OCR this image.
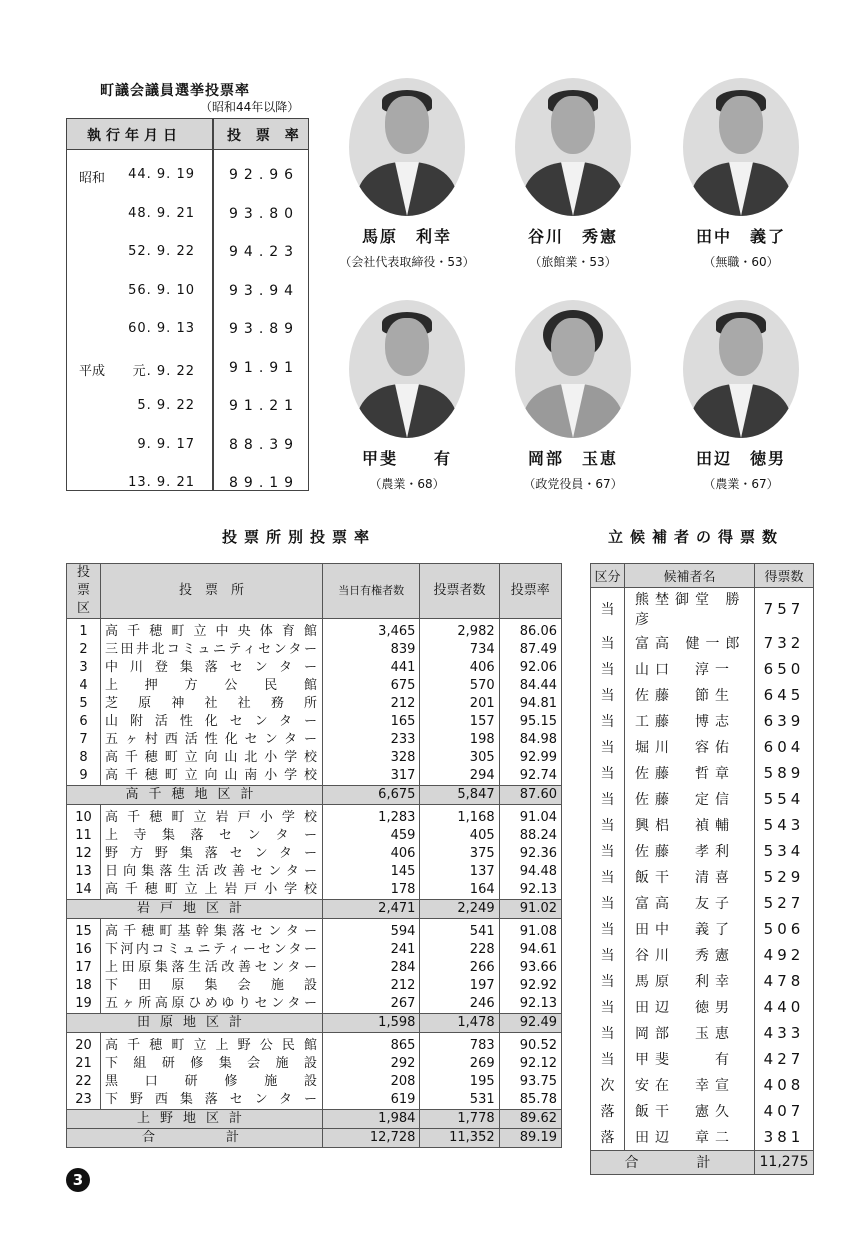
町議会議員選挙投票率
（昭和44年以降）
執行年月日	投 票 率
昭和	44. 9. 19 92.96
48. 9. 21 93.80
52. 9. 22 94.23
56. 9. 10 93.94
60. 9. 13 93.89
平成	元. 9. 22 91.91
5. 9. 22 91.21
9. 9. 17 88.39
13. 9. 21 89.19
馬原　利幸
（会社代表取締役・53）
谷川　秀憲
（旅館業・53）
田中　義了
（無職・60）
甲斐　　有
（農業・68）
岡部　玉恵
（政党役員・67）
田辺　徳男
（農業・67）
投票所別投票率	立候補者の得票数
投票区	投　票　所	当日有権者数	投票者数	投票率
1	高千穂町立中央体育館	3,465	2,982	86.06
2	三田井北コミュニティセンター	839	734	87.49
3	中川登集落センター	441	406	92.06
4	上押方公民館	675	570	84.44
5	芝原神社社務所	212	201	94.81
6	山附活性化センター	165	157	95.15
7	五ヶ村西活性化センター	233	198	84.98
8	高千穂町立向山北小学校	328	305	92.99
9	高千穂町立向山南小学校	317	294	92.74
高千穂地区計		6,675	5,847	87.60
10	高千穂町立岩戸小学校	1,283	1,168	91.04
11	上寺集落センター	459	405	88.24
12	野方野集落センター	406	375	92.36
13	日向集落生活改善センター	145	137	94.48
14	高千穂町立上岩戸小学校	178	164	92.13
岩戸地区計		2,471	2,249	91.02
15	高千穂町基幹集落センター	594	541	91.08
16	下河内コミュニティーセンター	241	228	94.61
17	上田原集落生活改善センター	284	266	93.66
18	下田原集会施設	212	197	92.92
19	五ヶ所高原ひめゆりセンター	267	246	92.13
田原地区計		1,598	1,478	92.49
20	高千穂町立上野公民館	865	783	90.52
21	下組研修集会施設	292	269	92.12
22	黒口研修施設	208	195	93.75
23	下野西集落センター	619	531	85.78
上野地区計		1,984	1,778	89.62
合　　　計		12,728	11,352	89.19
区分	候補者名	得票数
当	熊埜御堂 勝彦	757
当	富高 健一郎	732
当	山口　淳一	650
当	佐藤　節生	645
当	工藤　博志	639
当	堀川　容佑	604
当	佐藤　哲章	589
当	佐藤　定信	554
当	興梠　禎輔	543
当	佐藤　孝利	534
当	飯干　清喜	529
当	富高　友子	527
当	田中　義了	506
当	谷川　秀憲	492
当	馬原　利幸	478
当	田辺　徳男	440
当	岡部　玉恵	433
当	甲斐　　有	427
次	安在　幸宣	408
落	飯干　憲久	407
落	田辺　章二	381
合　　計		11,275
3
